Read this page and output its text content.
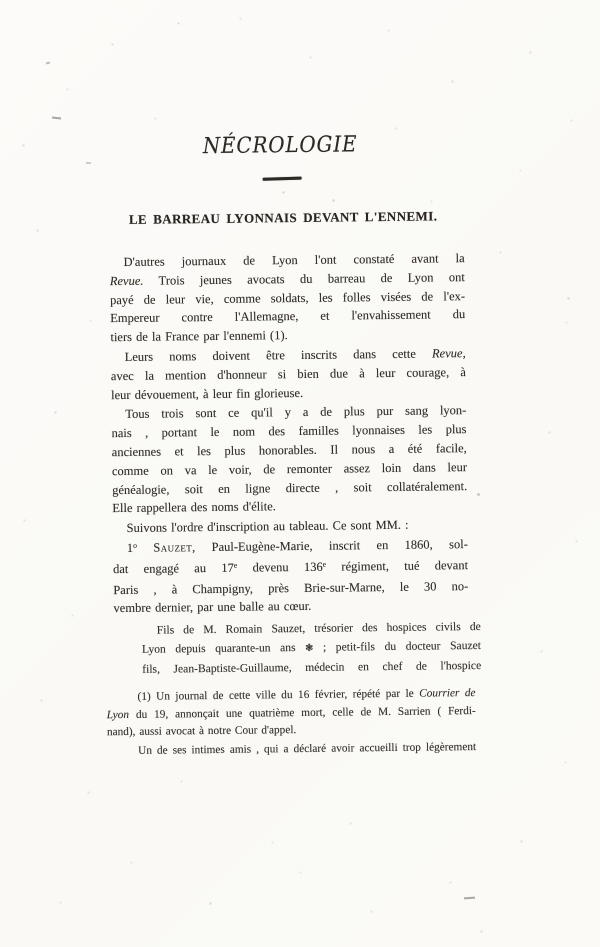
NÉCROLOGIE
LE BARREAU LYONNAIS DEVANT L'ENNEMI.
D'autres journaux de Lyon l'ont constaté avant la
Revue. Trois jeunes avocats du barreau de Lyon ont
payé de leur vie, comme soldats, les folles visées de l'ex-
Empereur contre l'Allemagne, et l'envahissement du
tiers de la France par l'ennemi (1).
Leurs noms doivent être inscrits dans cette Revue,
avec la mention d'honneur si bien due à leur courage, à
leur dévouement, à leur fin glorieuse.
Tous trois sont ce qu'il y a de plus pur sang lyon-
nais , portant le nom des familles lyonnaises les plus
anciennes et les plus honorables. Il nous a été facile,
comme on va le voir, de remonter assez loin dans leur
généalogie, soit en ligne directe , soit collatéralement.
Elle rappellera des noms d'élite.
Suivons l'ordre d'inscription au tableau. Ce sont MM. :
1$^o$ Sauzet, Paul-Eugène-Marie, inscrit en 1860, sol-
dat engagé au 17e devenu 136e régiment, tué devant
Paris , à Champigny, près Brie-sur-Marne, le 30 no-
vembre dernier, par une balle au cœur.
Fils de M. Romain Sauzet, trésorier des hospices civils de
Lyon depuis quarante-un ans ❃ ; petit-fils du docteur Sauzet
fils, Jean-Baptiste-Guillaume, médecin en chef de l'hospice
(1) Un journal de cette ville du 16 février, répété par le Courrier de
Lyon du 19, annonçait une quatrième mort, celle de M. Sarrien ( Ferdi-
nand), aussi avocat à notre Cour d'appel.
Un de ses intimes amis , qui a déclaré avoir accueilli trop légèrement
